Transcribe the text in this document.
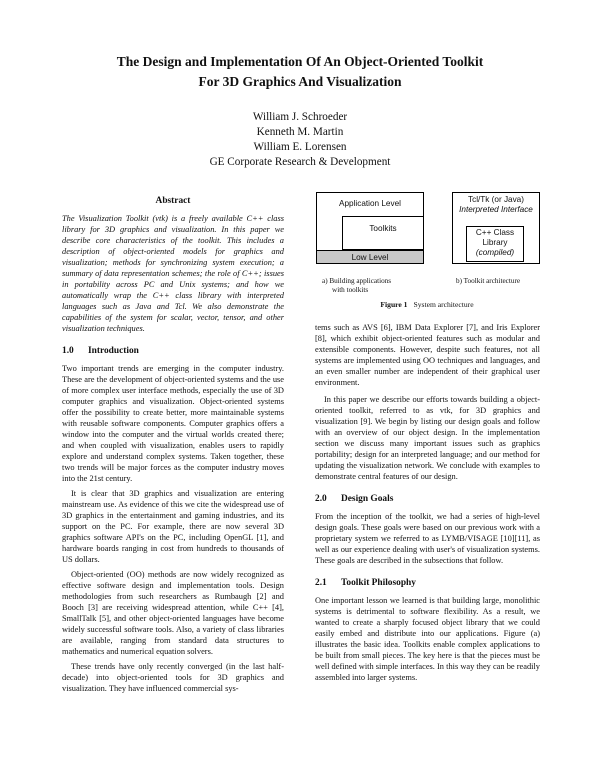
The Design and Implementation Of An Object-Oriented Toolkit
For 3D Graphics And Visualization
William J. Schroeder
Kenneth M. Martin
William E. Lorensen
GE Corporate Research & Development
Abstract

The Visualization Toolkit (vtk) is a freely available C++ class library for 3D graphics and visualization. In this paper we describe core characteristics of the toolkit. This includes a description of object-oriented models for graphics and visualization; methods for synchronizing system execution; a summary of data representation schemes; the role of C++; issues in portability across PC and Unix systems; and how we automatically wrap the C++ class library with interpreted languages such as Java and Tcl. We also demonstrate the capabilities of the system for scalar, vector, tensor, and other visualization techniques.

1.0 Introduction

Two important trends are emerging in the computer industry. These are the development of object-oriented systems and the use of more complex user interface methods, especially the use of 3D computer graphics and visualization. Object-oriented systems offer the possibility to create better, more maintainable systems with reusable software components. Computer graphics offers a window into the computer and the virtual worlds created there; and when coupled with visualization, enables users to rapidly explore and understand complex systems. Taken together, these two trends will be major forces as the computer industry moves into the 21st century.

It is clear that 3D graphics and visualization are entering mainstream use. As evidence of this we cite the widespread use of 3D graphics in the entertainment and gaming industries, and its support on the PC. For example, there are now several 3D graphics software API's on the PC, including OpenGL [1], and hardware boards ranging in cost from hundreds to thousands of US dollars.

Object-oriented (OO) methods are now widely recognized as effective software design and implementation tools. Design methodologies from such researchers as Rumbaugh [2] and Booch [3] are receiving widespread attention, while C++ [4], SmallTalk [5], and other object-oriented languages have become widely successful software tools. Also, a variety of class libraries are available, ranging from standard data structures to mathematics and numerical equation solvers.

These trends have only recently converged (in the last half-decade) into object-oriented tools for 3D graphics and visualization. They have influenced commercial sys-

Application Level
Toolkits
Low Level
Tcl/Tk (or Java)
Interpreted Interface
C++ Class
Library
(compiled)
a) Building applications
with toolkits
b) Toolkit architecture
Figure 1 System architecture

tems such as AVS [6], IBM Data Explorer [7], and Iris Explorer [8], which exhibit object-oriented features such as modular and extensible components. However, despite such features, not all systems are implemented using OO techniques and languages, and an even smaller number are independent of their graphical user environment.

In this paper we describe our efforts towards building a object-oriented toolkit, referred to as vtk, for 3D graphics and visualization [9]. We begin by listing our design goals and follow with an overview of our object design. In the implementation section we discuss many important issues such as graphics portability; design for an interpreted language; and our method for updating the visualization network. We conclude with examples to demonstrate central features of our design.

2.0 Design Goals

From the inception of the toolkit, we had a series of high-level design goals. These goals were based on our previous work with a proprietary system we referred to as LYMB/VISAGE [10][11], as well as our experience dealing with user's of visualization systems. These goals are described in the subsections that follow.

2.1 Toolkit Philosophy

One important lesson we learned is that building large, monolithic systems is detrimental to software flexibility. As a result, we wanted to create a sharply focused object library that we could easily embed and distribute into our applications. Figure (a) illustrates the basic idea. Toolkits enable complex applications to be built from small pieces. The key here is that the pieces must be well defined with simple interfaces. In this way they can be readily assembled into larger systems.
